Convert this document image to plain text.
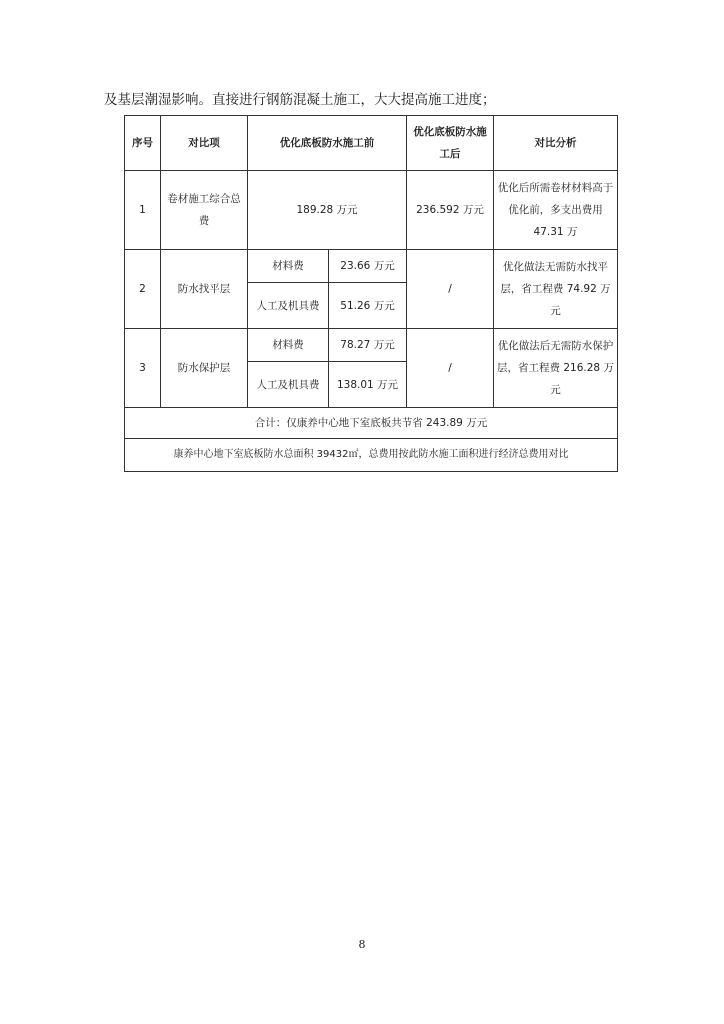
及基层潮湿影响。直接进行钢筋混凝土施工，大大提高施工进度；
序号	对比项	优化底板防水施工前		优化底板防水施工后	对比分析
1	卷材施工综合总费	189.28 万元		236.592 万元	优化后所需卷材材料高于优化前，多支出费用47.31 万
2	防水找平层	材料费	23.66 万元	/	优化做法无需防水找平层，省工程费 74.92 万元
		人工及机具费	51.26 万元		
3	防水保护层	材料费	78.27 万元	/	优化做法后无需防水保护层，省工程费 216.28 万元
		人工及机具费	138.01 万元		
合计：仅康养中心地下室底板共节省 243.89 万元					
康养中心地下室底板防水总面积 39432㎡，总费用按此防水施工面积进行经济总费用对比					
8
